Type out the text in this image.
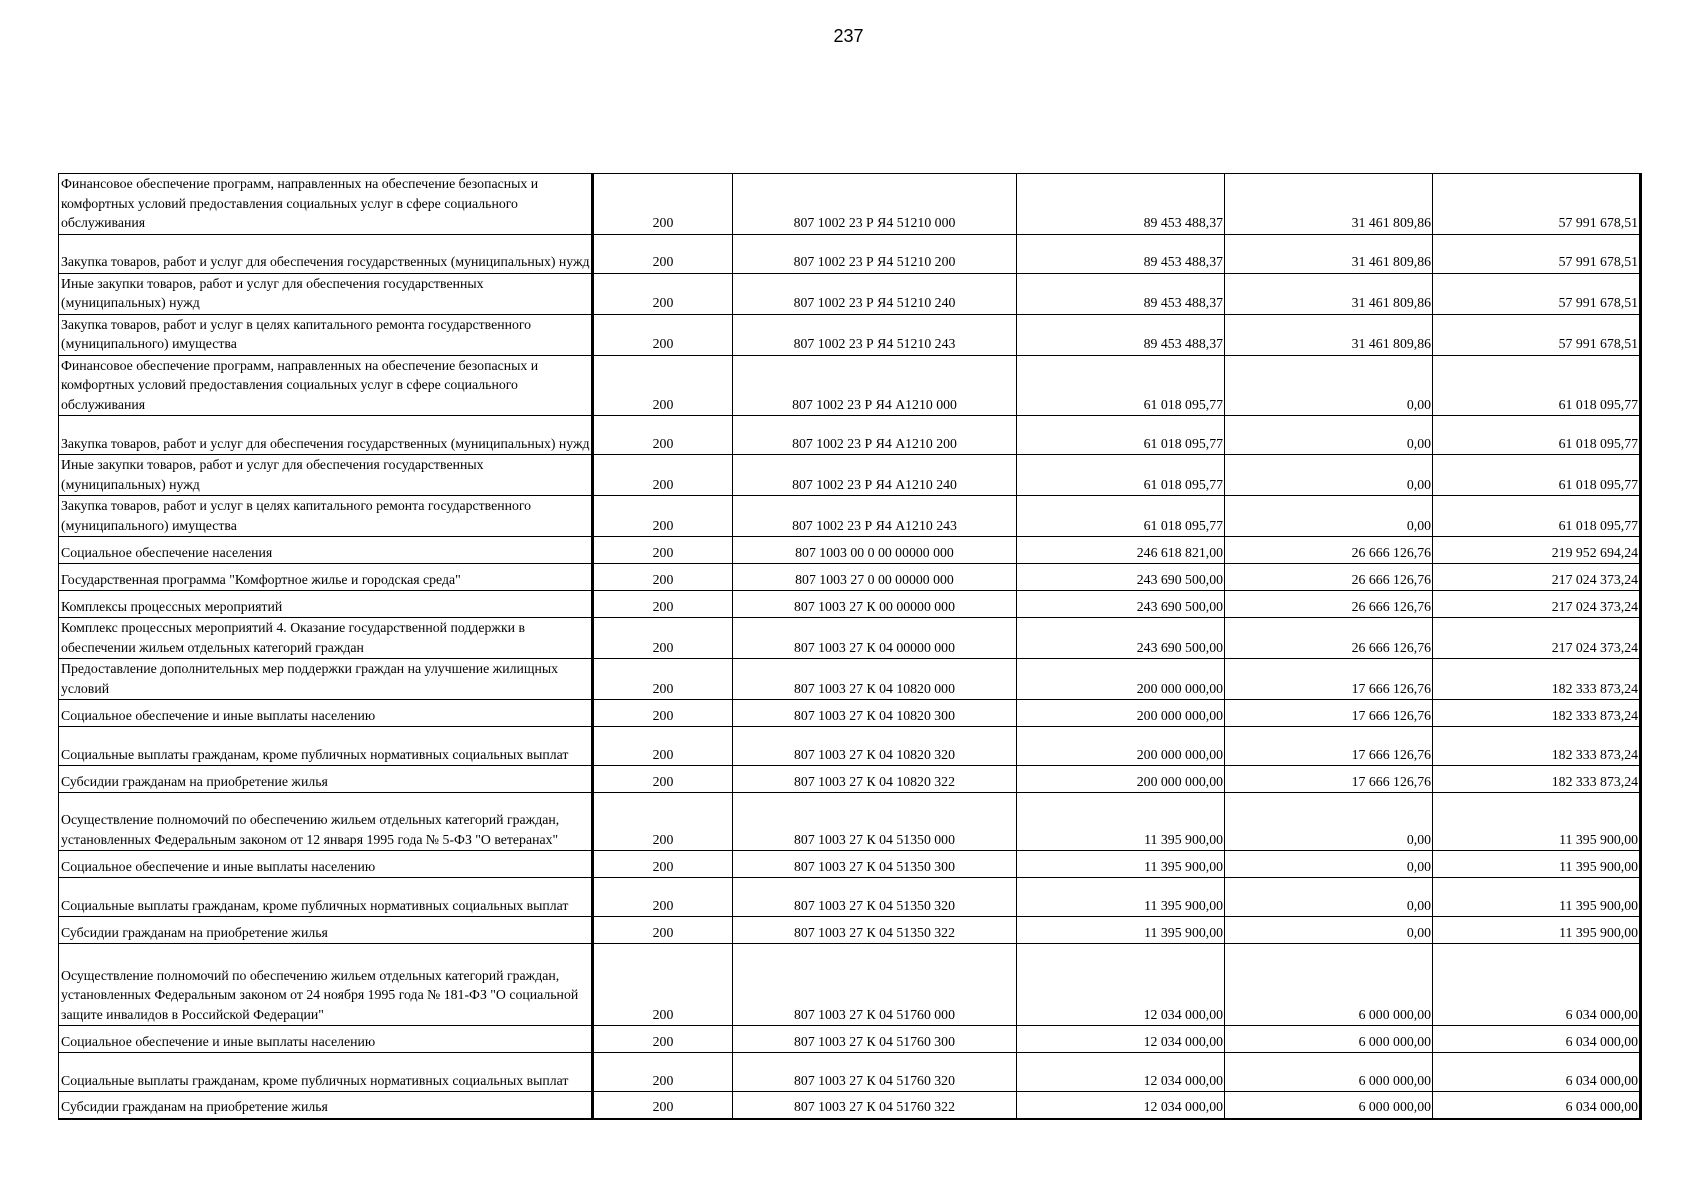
237
Финансовое обеспечение программ, направленных на обеспечение безопасных и комфортных условий предоставления социальных услуг в сфере социального обслуживания	200	807 1002 23 Р Я4 51210 000	89 453 488,37	31 461 809,86	57 991 678,51
Закупка товаров, работ и услуг для обеспечения государственных (муниципальных) нужд	200	807 1002 23 Р Я4 51210 200	89 453 488,37	31 461 809,86	57 991 678,51
Иные закупки товаров, работ и услуг для обеспечения государственных (муниципальных) нужд	200	807 1002 23 Р Я4 51210 240	89 453 488,37	31 461 809,86	57 991 678,51
Закупка товаров, работ и услуг в целях капитального ремонта государственного (муниципального) имущества	200	807 1002 23 Р Я4 51210 243	89 453 488,37	31 461 809,86	57 991 678,51
Финансовое обеспечение программ, направленных на обеспечение безопасных и комфортных условий предоставления социальных услуг в сфере социального обслуживания	200	807 1002 23 Р Я4 А1210 000	61 018 095,77	0,00	61 018 095,77
Закупка товаров, работ и услуг для обеспечения государственных (муниципальных) нужд	200	807 1002 23 Р Я4 А1210 200	61 018 095,77	0,00	61 018 095,77
Иные закупки товаров, работ и услуг для обеспечения государственных (муниципальных) нужд	200	807 1002 23 Р Я4 А1210 240	61 018 095,77	0,00	61 018 095,77
Закупка товаров, работ и услуг в целях капитального ремонта государственного (муниципального) имущества	200	807 1002 23 Р Я4 А1210 243	61 018 095,77	0,00	61 018 095,77
Социальное обеспечение населения	200	807 1003 00 0 00 00000 000	246 618 821,00	26 666 126,76	219 952 694,24
Государственная программа "Комфортное жилье и городская среда"	200	807 1003 27 0 00 00000 000	243 690 500,00	26 666 126,76	217 024 373,24
Комплексы процессных мероприятий	200	807 1003 27 К 00 00000 000	243 690 500,00	26 666 126,76	217 024 373,24
Комплекс процессных мероприятий 4. Оказание государственной поддержки в обеспечении жильем отдельных категорий граждан	200	807 1003 27 К 04 00000 000	243 690 500,00	26 666 126,76	217 024 373,24
Предоставление дополнительных мер поддержки граждан на улучшение жилищных условий	200	807 1003 27 К 04 10820 000	200 000 000,00	17 666 126,76	182 333 873,24
Социальное обеспечение и иные выплаты населению	200	807 1003 27 К 04 10820 300	200 000 000,00	17 666 126,76	182 333 873,24
Социальные выплаты гражданам, кроме публичных нормативных социальных выплат	200	807 1003 27 К 04 10820 320	200 000 000,00	17 666 126,76	182 333 873,24
Субсидии гражданам на приобретение жилья	200	807 1003 27 К 04 10820 322	200 000 000,00	17 666 126,76	182 333 873,24
Осуществление полномочий по обеспечению жильем отдельных категорий граждан, установленных Федеральным законом от 12 января 1995 года № 5-ФЗ "О ветеранах"	200	807 1003 27 К 04 51350 000	11 395 900,00	0,00	11 395 900,00
Социальное обеспечение и иные выплаты населению	200	807 1003 27 К 04 51350 300	11 395 900,00	0,00	11 395 900,00
Социальные выплаты гражданам, кроме публичных нормативных социальных выплат	200	807 1003 27 К 04 51350 320	11 395 900,00	0,00	11 395 900,00
Субсидии гражданам на приобретение жилья	200	807 1003 27 К 04 51350 322	11 395 900,00	0,00	11 395 900,00
Осуществление полномочий по обеспечению жильем отдельных категорий граждан, установленных Федеральным законом от 24 ноября 1995 года № 181-ФЗ "О социальной защите инвалидов в Российской Федерации"	200	807 1003 27 К 04 51760 000	12 034 000,00	6 000 000,00	6 034 000,00
Социальное обеспечение и иные выплаты населению	200	807 1003 27 К 04 51760 300	12 034 000,00	6 000 000,00	6 034 000,00
Социальные выплаты гражданам, кроме публичных нормативных социальных выплат	200	807 1003 27 К 04 51760 320	12 034 000,00	6 000 000,00	6 034 000,00
Субсидии гражданам на приобретение жилья	200	807 1003 27 К 04 51760 322	12 034 000,00	6 000 000,00	6 034 000,00
